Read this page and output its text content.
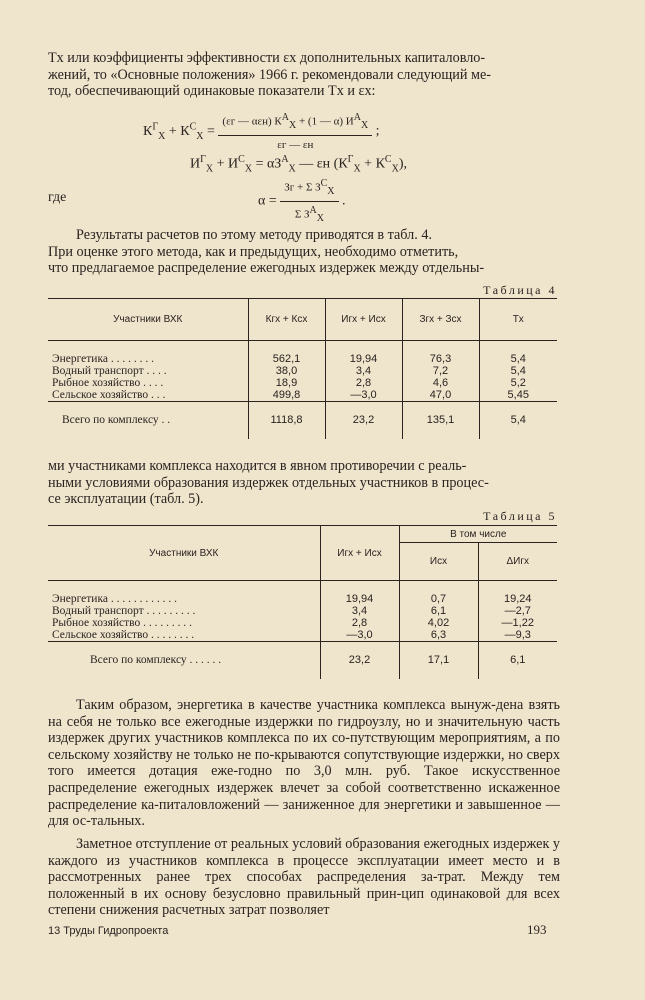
Tx или коэффициенты эффективности εx дополнительных капиталовло-
жений, то «Основные положения» 1966 г. рекомендовали следующий ме-
тод, обеспечивающий одинаковые показатели Tx и εx:

$К^Г_X + К^С_X = \frac{(\varepsilon г — \alpha\varepsilon н) К^A_X + (1 — \alpha) И^A_X}{\varepsilon г — \varepsilon н}$ ;
$И^Г_X + И^С_X = \alpha З^A_X$ — εн $(К^Г_X + К^С_X)$,
где	$\alpha = \frac{Зг + \Sigma З^С_X}{\Sigma З^A_X}$ .

Результаты расчетов по этому методу приводятся в табл. 4.
При оценке этого метода, как и предыдущих, необходимо отметить,
что предлагаемое распределение ежегодных издержек между отдельны-

Таблица 4
Участники ВХК	Кгx + Ксx	Игx + Исx	Згx + Зсx	Tx

Энергетика . . . . . . . .	562,1	19,94	76,3	5,4
Водный транспорт . . . .	38,0	3,4	7,2	5,4
Рыбное хозяйство . . . .	18,9	2,8	4,6	5,2
Сельское хозяйство . . .	499,8	—3,0	47,0	5,45
Всего по комплексу . .	1118,8	23,2	135,1	5,4

ми участниками комплекса находится в явном противоречии с реаль-
ными условиями образования издержек отдельных участников в процес-
се эксплуатации (табл. 5).

Таблица 5
Участники ВХК	Игx + Исx	В том числе	
		Исx	ΔИгx

Энергетика . . . . . . . . . . . .	19,94	0,7	19,24
Водный транспорт . . . . . . . . .	3,4	6,1	—2,7
Рыбное хозяйство . . . . . . . . .	2,8	4,02	—1,22
Сельское хозяйство . . . . . . . .	—3,0	6,3	—9,3
Всего по комплексу . . . . . .	23,2	17,1	6,1

Таким образом, энергетика в качестве участника комплекса вынуж-дена взять на себя не только все ежегодные издержки по гидроузлу, но и значительную часть издержек других участников комплекса по их со-путствующим мероприятиям, а по сельскому хозяйству не только не по-крываются сопутствующие издержки, но сверх того имеется дотация еже-годно по 3,0 млн. руб. Такое искусственное распределение ежегодных издержек влечет за собой соответственно искаженное распределение ка-питаловложений — заниженное для энергетики и завышенное — для ос-тальных.

Заметное отступление от реальных условий образования ежегодных издержек у каждого из участников комплекса в процессе эксплуатации имеет место и в рассмотренных ранее трех способах распределения за-трат. Между тем положенный в их основу безусловно правильный прин-цип одинаковой для всех степени снижения расчетных затрат позволяет

13 Труды Гидропроекта	193
